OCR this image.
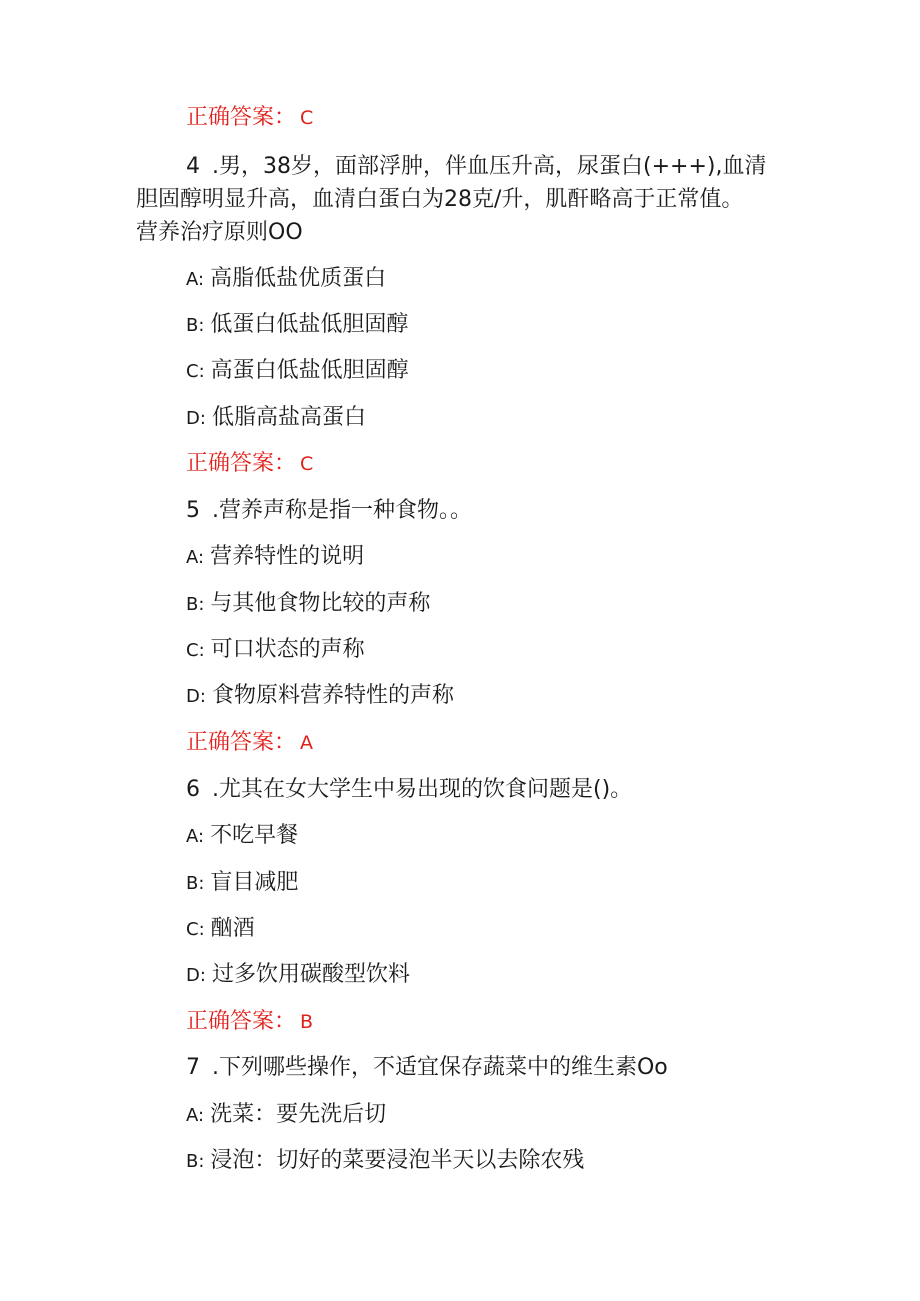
正确答案： C
4 .男，38岁，面部浮肿，伴血压升高，尿蛋白(+++),血清
胆固醇明显升高，血清白蛋白为28克/升，肌酐略高于正常值。
营养治疗原则OO
A: 高脂低盐优质蛋白
B: 低蛋白低盐低胆固醇
C: 高蛋白低盐低胆固醇
D: 低脂高盐高蛋白
正确答案： C
5 .营养声称是指一种食物。。
A: 营养特性的说明
B: 与其他食物比较的声称
C: 可口状态的声称
D: 食物原料营养特性的声称
正确答案： A
6 .尤其在女大学生中易出现的饮食问题是()。
A: 不吃早餐
B: 盲目减肥
C: 酗酒
D: 过多饮用碳酸型饮料
正确答案： B
7 .下列哪些操作，不适宜保存蔬菜中的维生素Oo
A: 洗菜：要先洗后切
B: 浸泡：切好的菜要浸泡半天以去除农残
